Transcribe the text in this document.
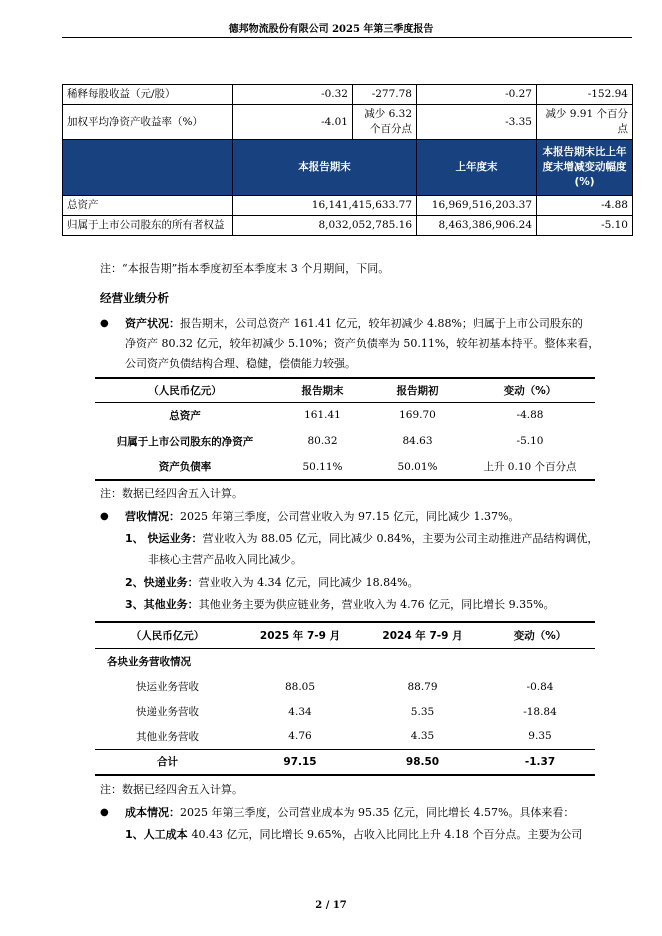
德邦物流股份有限公司 2025 年第三季度报告
稀释每股收益（元/股）	-0.32	-277.78	-0.27	-152.94
加权平均净资产收益率（%）	-4.01	减少 6.32 个百分点	-3.35	减少 9.91 个百分点
	本报告期末		上年度末	本报告期末比上年度末增减变动幅度(%)
总资产	16,141,415,633.77		16,969,516,203.37	-4.88
归属于上市公司股东的所有者权益	8,032,052,785.16		8,463,386,906.24	-5.10
注：“本报告期”指本季度初至本季度末 3 个月期间，下同。
经营业绩分析
● 资产状况：报告期末，公司总资产 161.41 亿元，较年初减少 4.88%；归属于上市公司股东的
净资产 80.32 亿元，较年初减少 5.10%；资产负债率为 50.11%，较年初基本持平。整体来看，
公司资产负债结构合理、稳健，偿债能力较强。
（人民币亿元）	报告期末	报告期初	变动（%）
总资产	161.41	169.70	-4.88
归属于上市公司股东的净资产	80.32	84.63	-5.10
资产负债率	50.11%	50.01%	上升 0.10 个百分点
注：数据已经四舍五入计算。
● 营收情况：2025 年第三季度，公司营业收入为 97.15 亿元，同比减少 1.37%。
1、 快运业务：营业收入为 88.05 亿元，同比减少 0.84%，主要为公司主动推进产品结构调优，
非核心主营产品收入同比减少。
2、快递业务：营业收入为 4.34 亿元，同比减少 18.84%。
3、其他业务：其他业务主要为供应链业务，营业收入为 4.76 亿元，同比增长 9.35%。
（人民币亿元）	2025 年 7-9 月	2024 年 7-9 月	变动（%）
各块业务营收情况			
快运业务营收	88.05	88.79	-0.84
快递业务营收	4.34	5.35	-18.84
其他业务营收	4.76	4.35	9.35
合计	97.15	98.50	-1.37
注：数据已经四舍五入计算。
● 成本情况：2025 年第三季度，公司营业成本为 95.35 亿元，同比增长 4.57%。具体来看：
1、人工成本 40.43 亿元，同比增长 9.65%，占收入比同比上升 4.18 个百分点。主要为公司
2 / 17
